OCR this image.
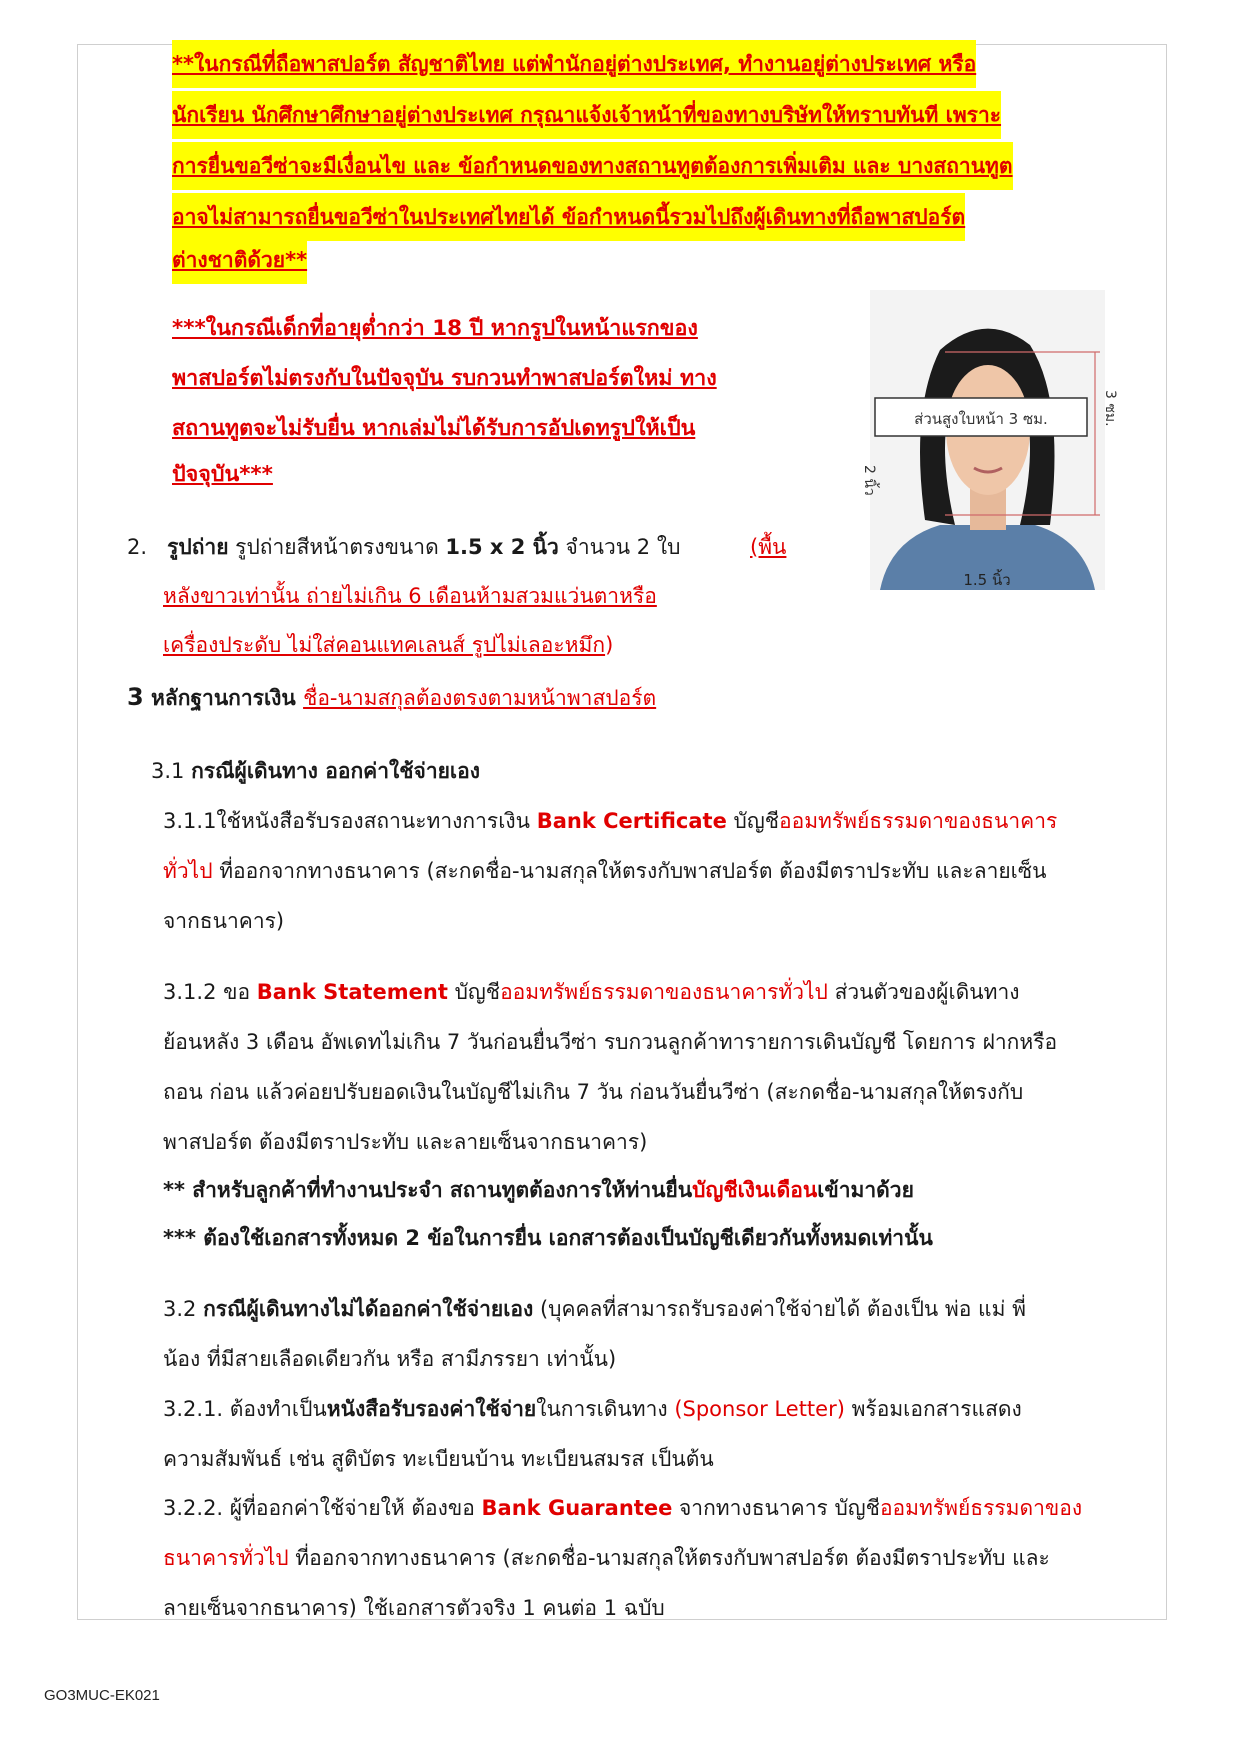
**ในกรณีที่ถือพาสปอร์ต สัญชาติไทย แต่พำนักอยู่ต่างประเทศ, ทำงานอยู่ต่างประเทศ หรือ

นักเรียน นักศึกษาศึกษาอยู่ต่างประเทศ กรุณาแจ้งเจ้าหน้าที่ของทางบริษัทให้ทราบทันที เพราะ

การยื่นขอวีซ่าจะมีเงื่อนไข และ ข้อกำหนดของทางสถานทูตต้องการเพิ่มเติม และ บางสถานทูต

อาจไม่สามารถยื่นขอวีซ่าในประเทศไทยได้ ข้อกำหนดนี้รวมไปถึงผู้เดินทางที่ถือพาสปอร์ต

ต่างชาติด้วย**

***ในกรณีเด็กที่อายุต่ำกว่า 18 ปี หากรูปในหน้าแรกของ

พาสปอร์ตไม่ตรงกับในปัจจุบัน รบกวนทำพาสปอร์ตใหม่ ทาง

สถานทูตจะไม่รับยื่น หากเล่มไม่ได้รับการอัปเดทรูปให้เป็น

ปัจจุบัน***

ส่วนสูงใบหน้า 3 ซม.	3 ซม.
2 นิ้ว
1.5 นิ้ว

2. รูปถ่าย รูปถ่ายสีหน้าตรงขนาด 1.5 x 2 นิ้ว จำนวน 2 ใบ	(พื้น

หลังขาวเท่านั้น ถ่ายไม่เกิน 6 เดือนห้ามสวมแว่นตาหรือ

เครื่องประดับ ไม่ใส่คอนแทคเลนส์ รูปไม่เลอะหมึก)

3 หลักฐานการเงิน ชื่อ-นามสกุลต้องตรงตามหน้าพาสปอร์ต

3.1 กรณีผู้เดินทาง ออกค่าใช้จ่ายเอง

3.1.1ใช้หนังสือรับรองสถานะทางการเงิน Bank Certificate บัญชีออมทรัพย์ธรรมดาของธนาคาร

ทั่วไป ที่ออกจากทางธนาคาร (สะกดชื่อ-นามสกุลให้ตรงกับพาสปอร์ต ต้องมีตราประทับ และลายเซ็น

จากธนาคาร)

3.1.2 ขอ Bank Statement บัญชีออมทรัพย์ธรรมดาของธนาคารทั่วไป ส่วนตัวของผู้เดินทาง

ย้อนหลัง 3 เดือน อัพเดทไม่เกิน 7 วันก่อนยื่นวีซ่า รบกวนลูกค้าทารายการเดินบัญชี โดยการ ฝากหรือ

ถอน ก่อน แล้วค่อยปรับยอดเงินในบัญชีไม่เกิน 7 วัน ก่อนวันยื่นวีซ่า (สะกดชื่อ-นามสกุลให้ตรงกับ

พาสปอร์ต ต้องมีตราประทับ และลายเซ็นจากธนาคาร)

** สำหรับลูกค้าที่ทำงานประจำ สถานทูตต้องการให้ท่านยื่นบัญชีเงินเดือนเข้ามาด้วย

*** ต้องใช้เอกสารทั้งหมด 2 ข้อในการยื่น เอกสารต้องเป็นบัญชีเดียวกันทั้งหมดเท่านั้น

3.2 กรณีผู้เดินทางไม่ได้ออกค่าใช้จ่ายเอง (บุคคลที่สามารถรับรองค่าใช้จ่ายได้ ต้องเป็น พ่อ แม่ พี่

น้อง ที่มีสายเลือดเดียวกัน หรือ สามีภรรยา เท่านั้น)

3.2.1. ต้องทำเป็นหนังสือรับรองค่าใช้จ่ายในการเดินทาง (Sponsor Letter) พร้อมเอกสารแสดง

ความสัมพันธ์ เช่น สูติบัตร ทะเบียนบ้าน ทะเบียนสมรส เป็นต้น

3.2.2. ผู้ที่ออกค่าใช้จ่ายให้ ต้องขอ Bank Guarantee จากทางธนาคาร บัญชีออมทรัพย์ธรรมดาของ

ธนาคารทั่วไป ที่ออกจากทางธนาคาร (สะกดชื่อ-นามสกุลให้ตรงกับพาสปอร์ต ต้องมีตราประทับ และ

ลายเซ็นจากธนาคาร) ใช้เอกสารตัวจริง 1 คนต่อ 1 ฉบับ

GO3MUC-EK021
